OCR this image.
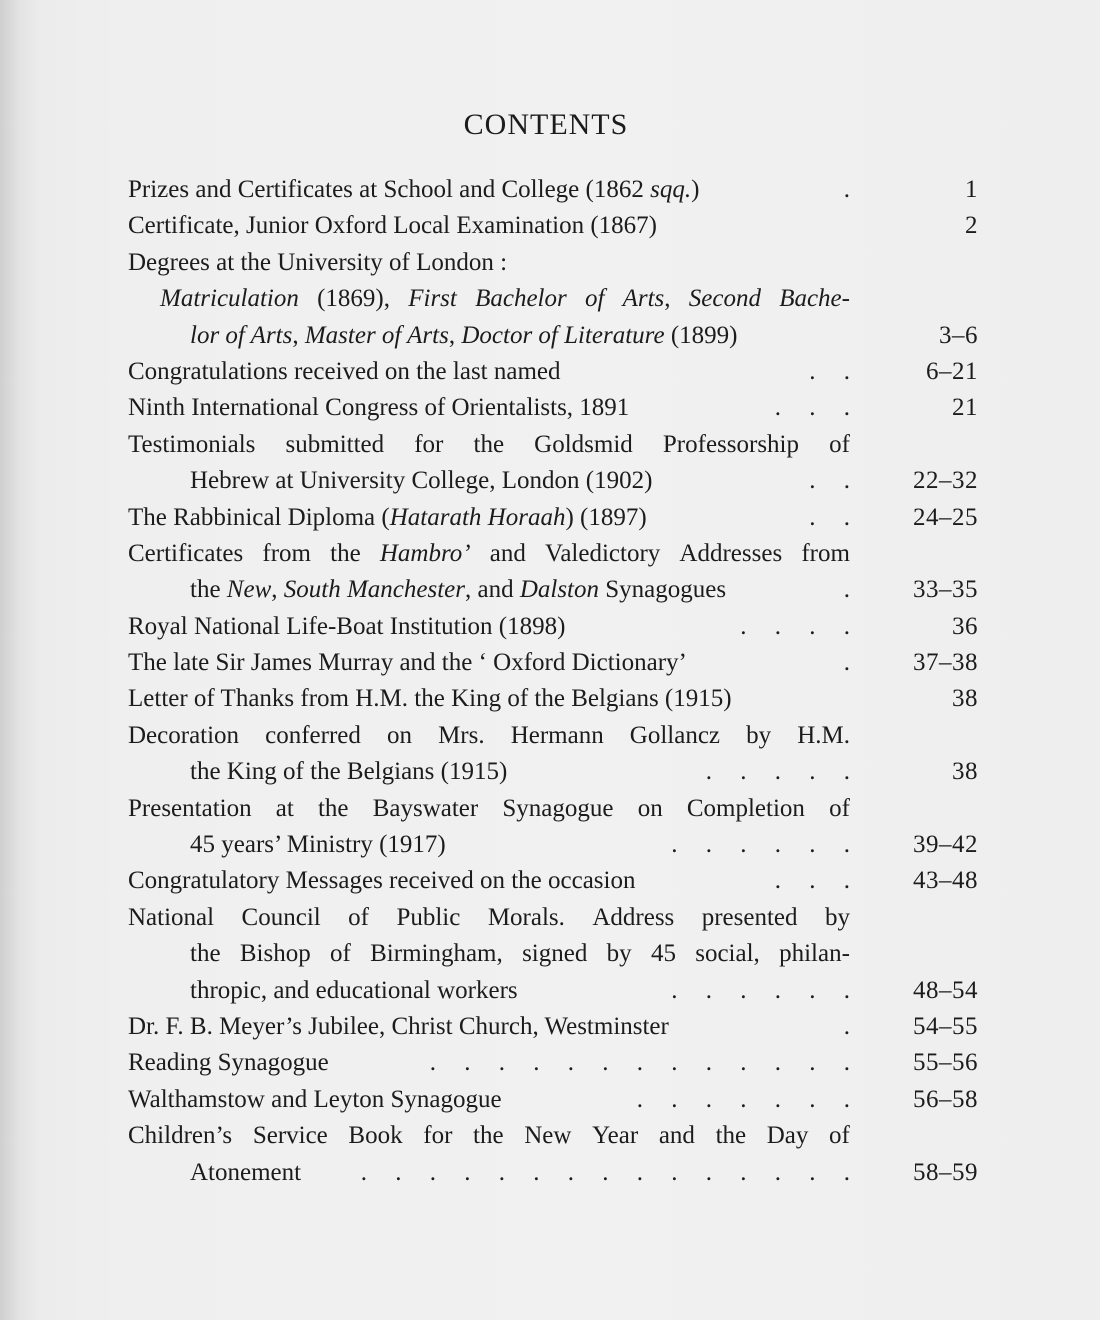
CONTENTS
Prizes and Certificates at School and College (1862 sqq.)	.	1
Certificate, Junior Oxford Local Examination (1867)	2
Degrees at the University of London :
Matriculation (1869), First Bachelor of Arts, Second Bache-
lor of Arts, Master of Arts, Doctor of Literature (1899)	3–6
Congratulations received on the last named	.	.	6–21
Ninth International Congress of Orientalists, 1891	.	.	.	21
Testimonials submitted for the Goldsmid Professorship of
Hebrew at University College, London (1902)	.	.	22–32
The Rabbinical Diploma (Hatarath Horaah) (1897)	.	.	24–25
Certificates from the Hambro’ and Valedictory Addresses from
the New, South Manchester, and Dalston Synagogues	.	33–35
Royal National Life-Boat Institution (1898)	.	.	.	.	36
The late Sir James Murray and the ‘ Oxford Dictionary’	.	37–38
Letter of Thanks from H.M. the King of the Belgians (1915)	38
Decoration conferred on Mrs. Hermann Gollancz by H.M.
the King of the Belgians (1915)	.	.	.	.	.	38
Presentation at the Bayswater Synagogue on Completion of
45 years’ Ministry (1917)	.	.	.	.	.	.	39–42
Congratulatory Messages received on the occasion	.	.	.	43–48
National Council of Public Morals. Address presented by
the Bishop of Birmingham, signed by 45 social, philan-
thropic, and educational workers	.	.	.	.	.	.	48–54
Dr. F. B. Meyer’s Jubilee, Christ Church, Westminster	.	54–55
Reading Synagogue	.	.	.	.	.	.	.	.	.	.	.	.	.	55–56
Walthamstow and Leyton Synagogue	.	.	.	.	.	.	.	56–58
Children’s Service Book for the New Year and the Day of
Atonement	.	.	.	.	.	.	.	.	.	.	.	.	.	.	.	58–59
